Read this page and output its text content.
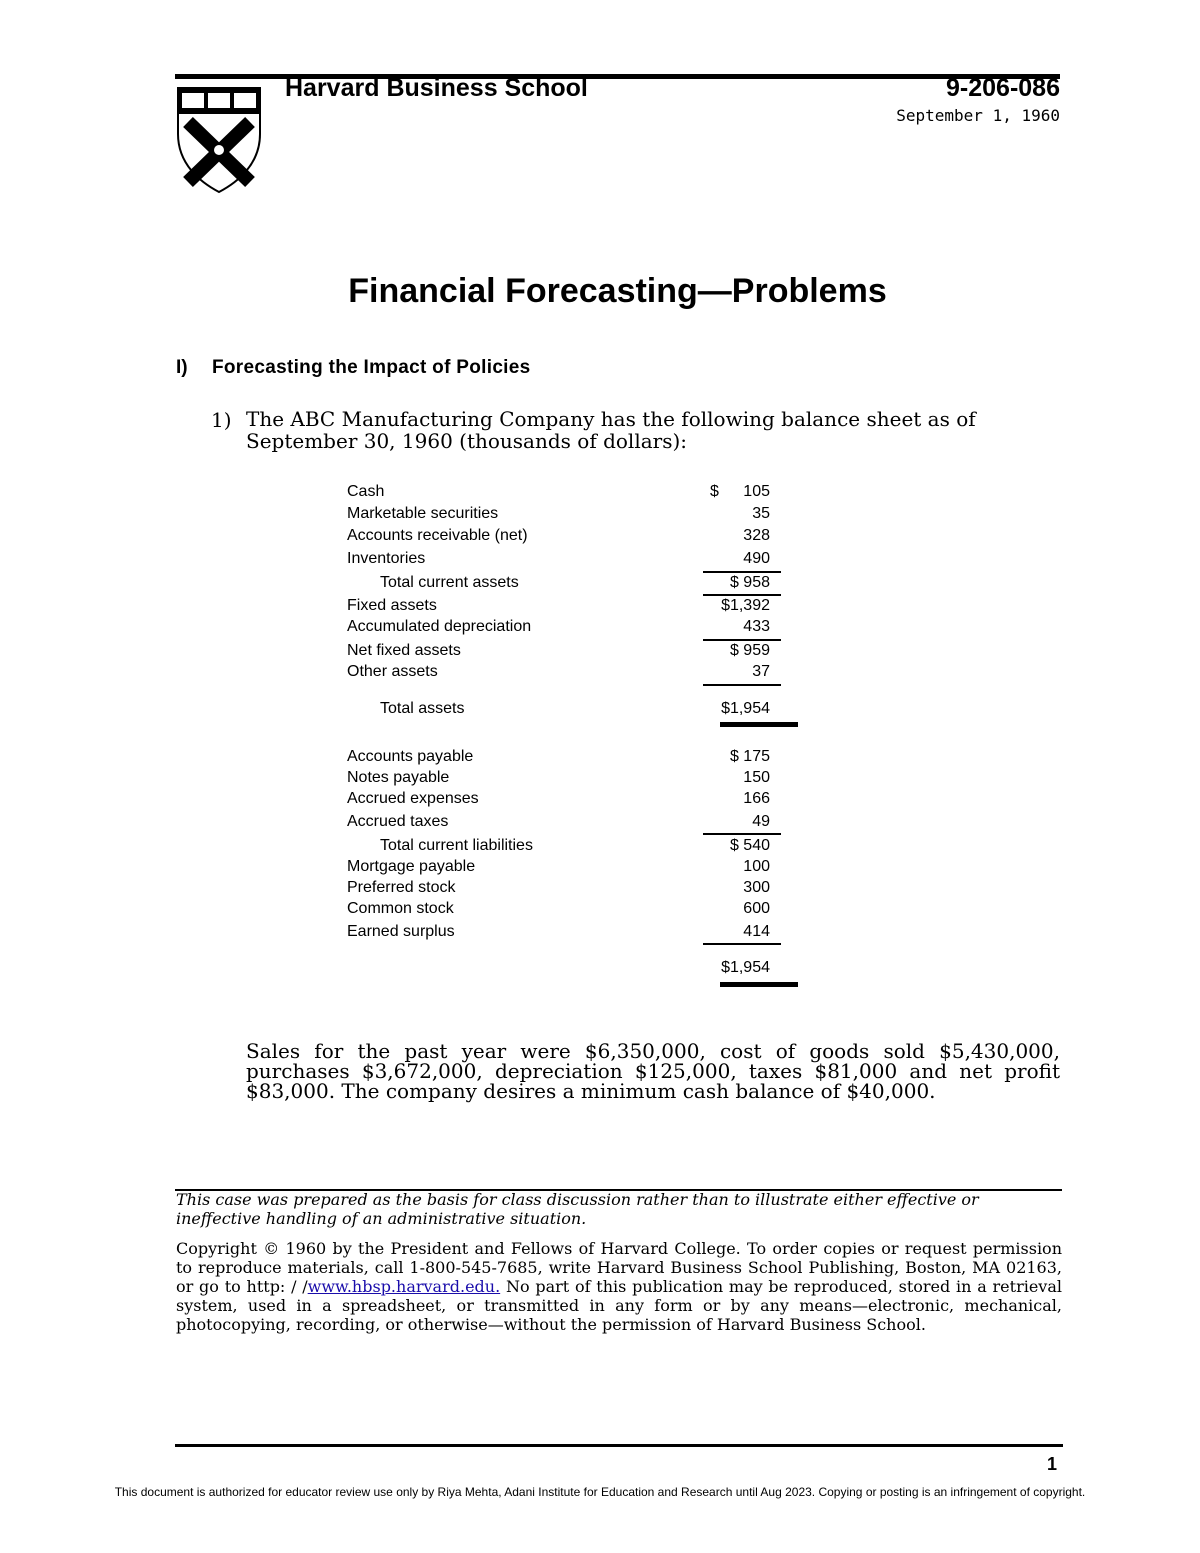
Harvard Business School	9-206-086
September 1, 1960
Financial Forecasting—Problems
I) Forecasting the Impact of Policies
1) The ABC Manufacturing Company has the following balance sheet as of September 30, 1960 (thousands of dollars):
Cash	$	105
Marketable securities	35
Accounts receivable (net)	328
Inventories	490
Total current assets	$ 958
Fixed assets	$1,392
Accumulated depreciation	433
Net fixed assets	$ 959
Other assets	37
Total assets	$1,954
Accounts payable	$ 175
Notes payable	150
Accrued expenses	166
Accrued taxes	49
Total current liabilities	$ 540
Mortgage payable	100
Preferred stock	300
Common stock	600
Earned surplus	414
$1,954
Sales for the past year were $6,350,000, cost of goods sold $5,430,000, purchases $3,672,000, depreciation $125,000, taxes $81,000 and net profit $83,000. The company desires a minimum cash balance of $40,000.
This case was prepared as the basis for class discussion rather than to illustrate either effective or ineffective handling of an administrative situation.
Copyright © 1960 by the President and Fellows of Harvard College. To order copies or request permission to reproduce materials, call 1-800-545-7685, write Harvard Business School Publishing, Boston, MA 02163, or go to http: / /www.hbsp.harvard.edu. No part of this publication may be reproduced, stored in a retrieval system, used in a spreadsheet, or transmitted in any form or by any means—electronic, mechanical, photocopying, recording, or otherwise—without the permission of Harvard Business School.
1
This document is authorized for educator review use only by Riya Mehta, Adani Institute for Education and Research until Aug 2023. Copying or posting is an infringement of copyright.
